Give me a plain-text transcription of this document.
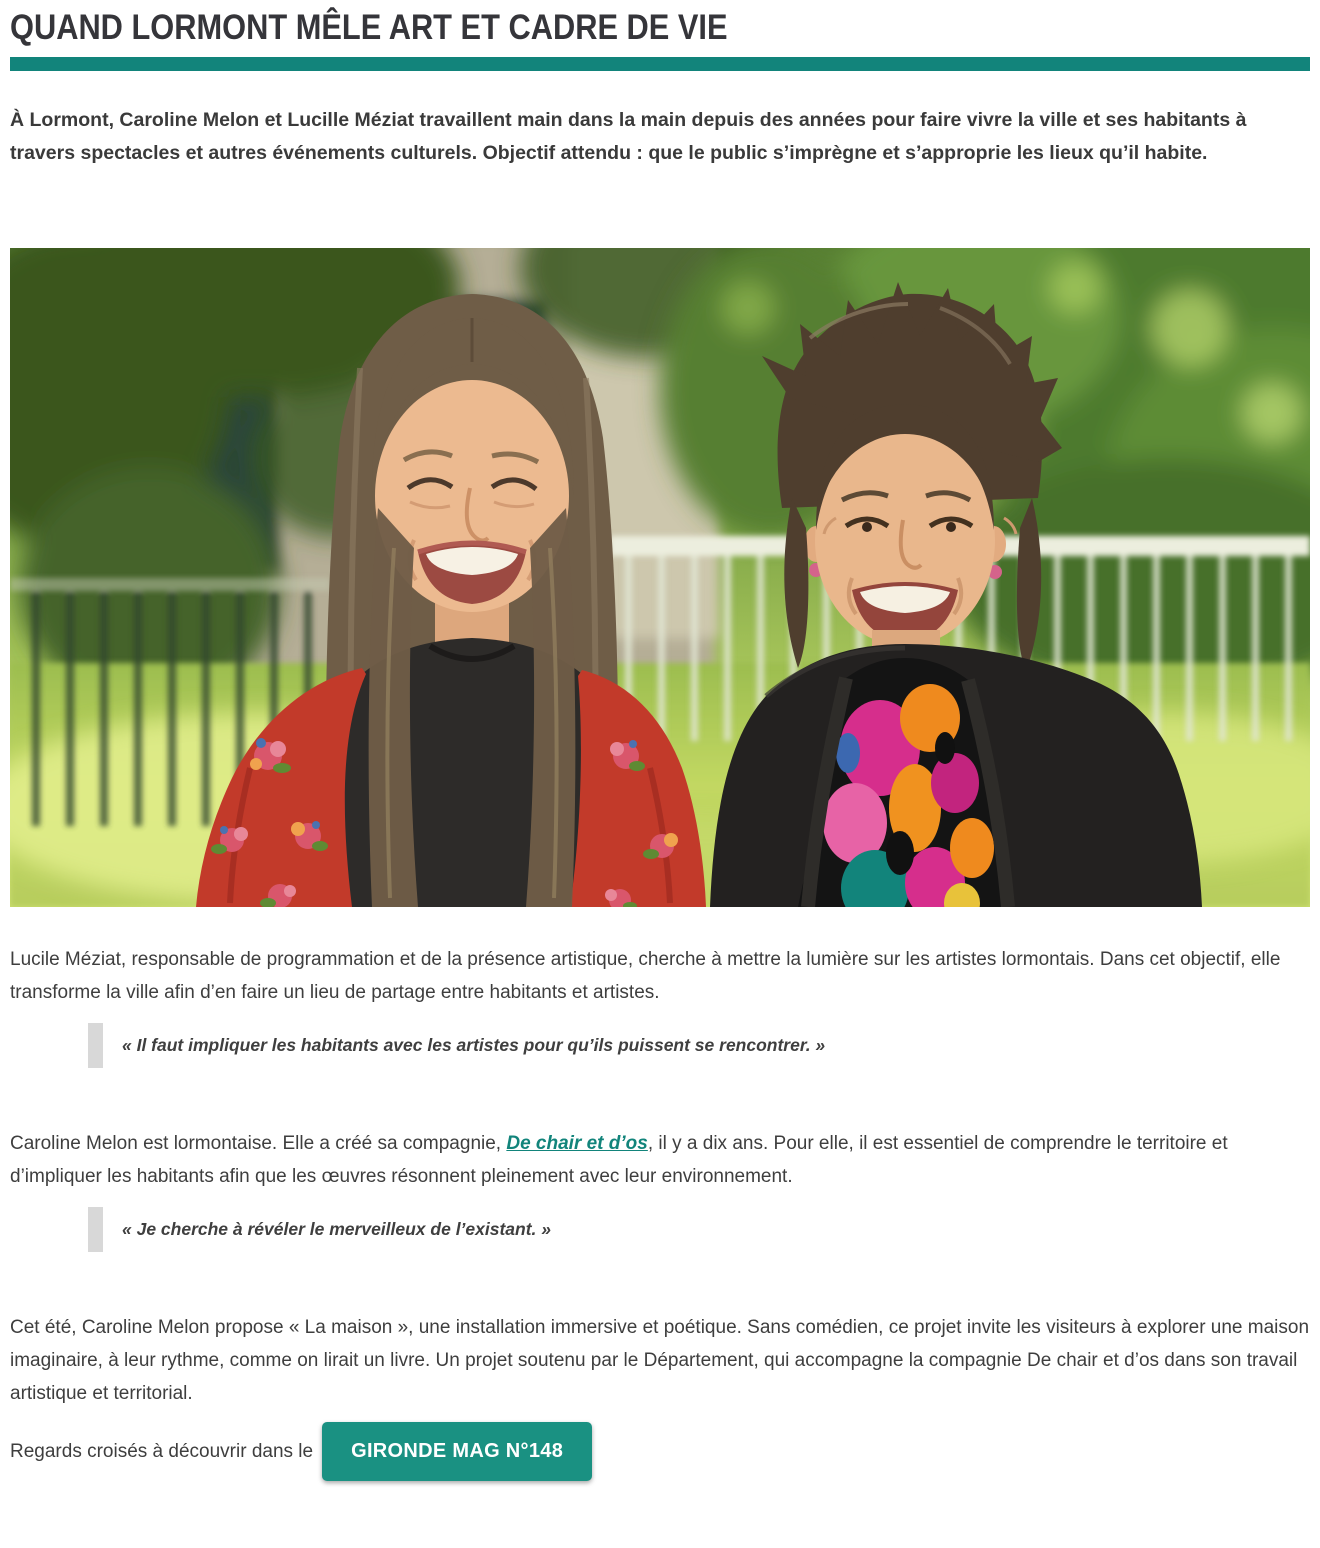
QUAND LORMONT MÊLE ART ET CADRE DE VIE

À Lormont, Caroline Melon et Lucille Méziat travaillent main dans la main depuis des années pour faire vivre la ville et ses habitants à travers spectacles et autres événements culturels. Objectif attendu : que le public s’imprègne et s’approprie les lieux qu’il habite.

Lucile Méziat, responsable de programmation et de la présence artistique, cherche à mettre la lumière sur les artistes lormontais. Dans cet objectif, elle transforme la ville afin d’en faire un lieu de partage entre habitants et artistes.

« Il faut impliquer les habitants avec les artistes pour qu’ils puissent se rencontrer. »

Caroline Melon est lormontaise. Elle a créé sa compagnie, De chair et d’os, il y a dix ans. Pour elle, il est essentiel de comprendre le territoire et d’impliquer les habitants afin que les œuvres résonnent pleinement avec leur environnement.

« Je cherche à révéler le merveilleux de l’existant. »

Cet été, Caroline Melon propose « La maison », une installation immersive et poétique. Sans comédien, ce projet invite les visiteurs à explorer une maison imaginaire, à leur rythme, comme on lirait un livre. Un projet soutenu par le Département, qui accompagne la compagnie De chair et d’os dans son travail artistique et territorial.

Regards croisés à découvrir dans le	GIRONDE MAG N°148
